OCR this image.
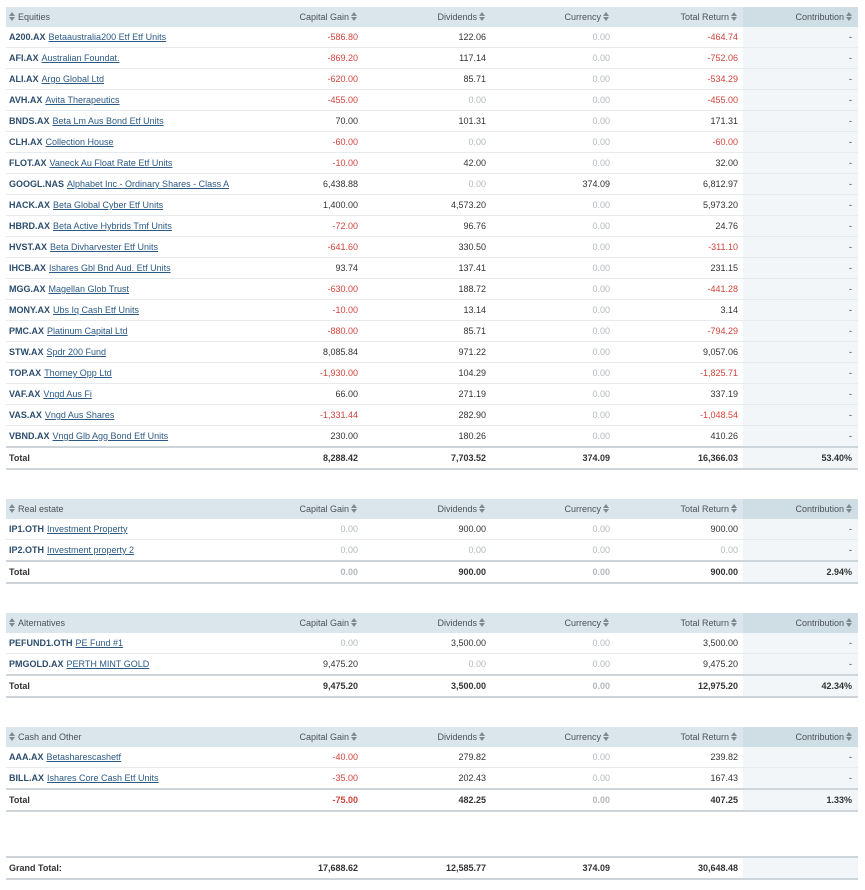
Equities	Capital Gain	Dividends	Currency	Total Return	Contribution
A200.AX Betaaustralia200 Etf Etf Units	-586.80	122.06	0.00	-464.74	-
AFI.AX Australian Foundat.	-869.20	117.14	0.00	-752.06	-
ALI.AX Argo Global Ltd	-620.00	85.71	0.00	-534.29	-
AVH.AX Avita Therapeutics	-455.00	0.00	0.00	-455.00	-
BNDS.AX Beta Lm Aus Bond Etf Units	70.00	101.31	0.00	171.31	-
CLH.AX Collection House	-60.00	0.00	0.00	-60.00	-
FLOT.AX Vaneck Au Float Rate Etf Units	-10.00	42.00	0.00	32.00	-
GOOGL.NAS Alphabet Inc - Ordinary Shares - Class A	6,438.88	0.00	374.09	6,812.97	-
HACK.AX Beta Global Cyber Etf Units	1,400.00	4,573.20	0.00	5,973.20	-
HBRD.AX Beta Active Hybrids Tmf Units	-72.00	96.76	0.00	24.76	-
HVST.AX Beta Divharvester Etf Units	-641.60	330.50	0.00	-311.10	-
IHCB.AX Ishares Gbl Bnd Aud. Etf Units	93.74	137.41	0.00	231.15	-
MGG.AX Magellan Glob Trust	-630.00	188.72	0.00	-441.28	-
MONY.AX Ubs Iq Cash Etf Units	-10.00	13.14	0.00	3.14	-
PMC.AX Platinum Capital Ltd	-880.00	85.71	0.00	-794.29	-
STW.AX Spdr 200 Fund	8,085.84	971.22	0.00	9,057.06	-
TOP.AX Thorney Opp Ltd	-1,930.00	104.29	0.00	-1,825.71	-
VAF.AX Vngd Aus Fi	66.00	271.19	0.00	337.19	-
VAS.AX Vngd Aus Shares	-1,331.44	282.90	0.00	-1,048.54	-
VBND.AX Vngd Glb Agg Bond Etf Units	230.00	180.26	0.00	410.26	-
Total	8,288.42	7,703.52	374.09	16,366.03	53.40%
Real estate	Capital Gain	Dividends	Currency	Total Return	Contribution
IP1.OTH Investment Property	0.00	900.00	0.00	900.00	-
IP2.OTH Investment property 2	0.00	0.00	0.00	0.00	-
Total	0.00	900.00	0.00	900.00	2.94%
Alternatives	Capital Gain	Dividends	Currency	Total Return	Contribution
PEFUND1.OTH PE Fund #1	0.00	3,500.00	0.00	3,500.00	-
PMGOLD.AX PERTH MINT GOLD	9,475.20	0.00	0.00	9,475.20	-
Total	9,475.20	3,500.00	0.00	12,975.20	42.34%
Cash and Other	Capital Gain	Dividends	Currency	Total Return	Contribution
AAA.AX Betasharescashetf	-40.00	279.82	0.00	239.82	-
BILL.AX Ishares Core Cash Etf Units	-35.00	202.43	0.00	167.43	-
Total	-75.00	482.25	0.00	407.25	1.33%
Grand Total:	17,688.62	12,585.77	374.09	30,648.48	
